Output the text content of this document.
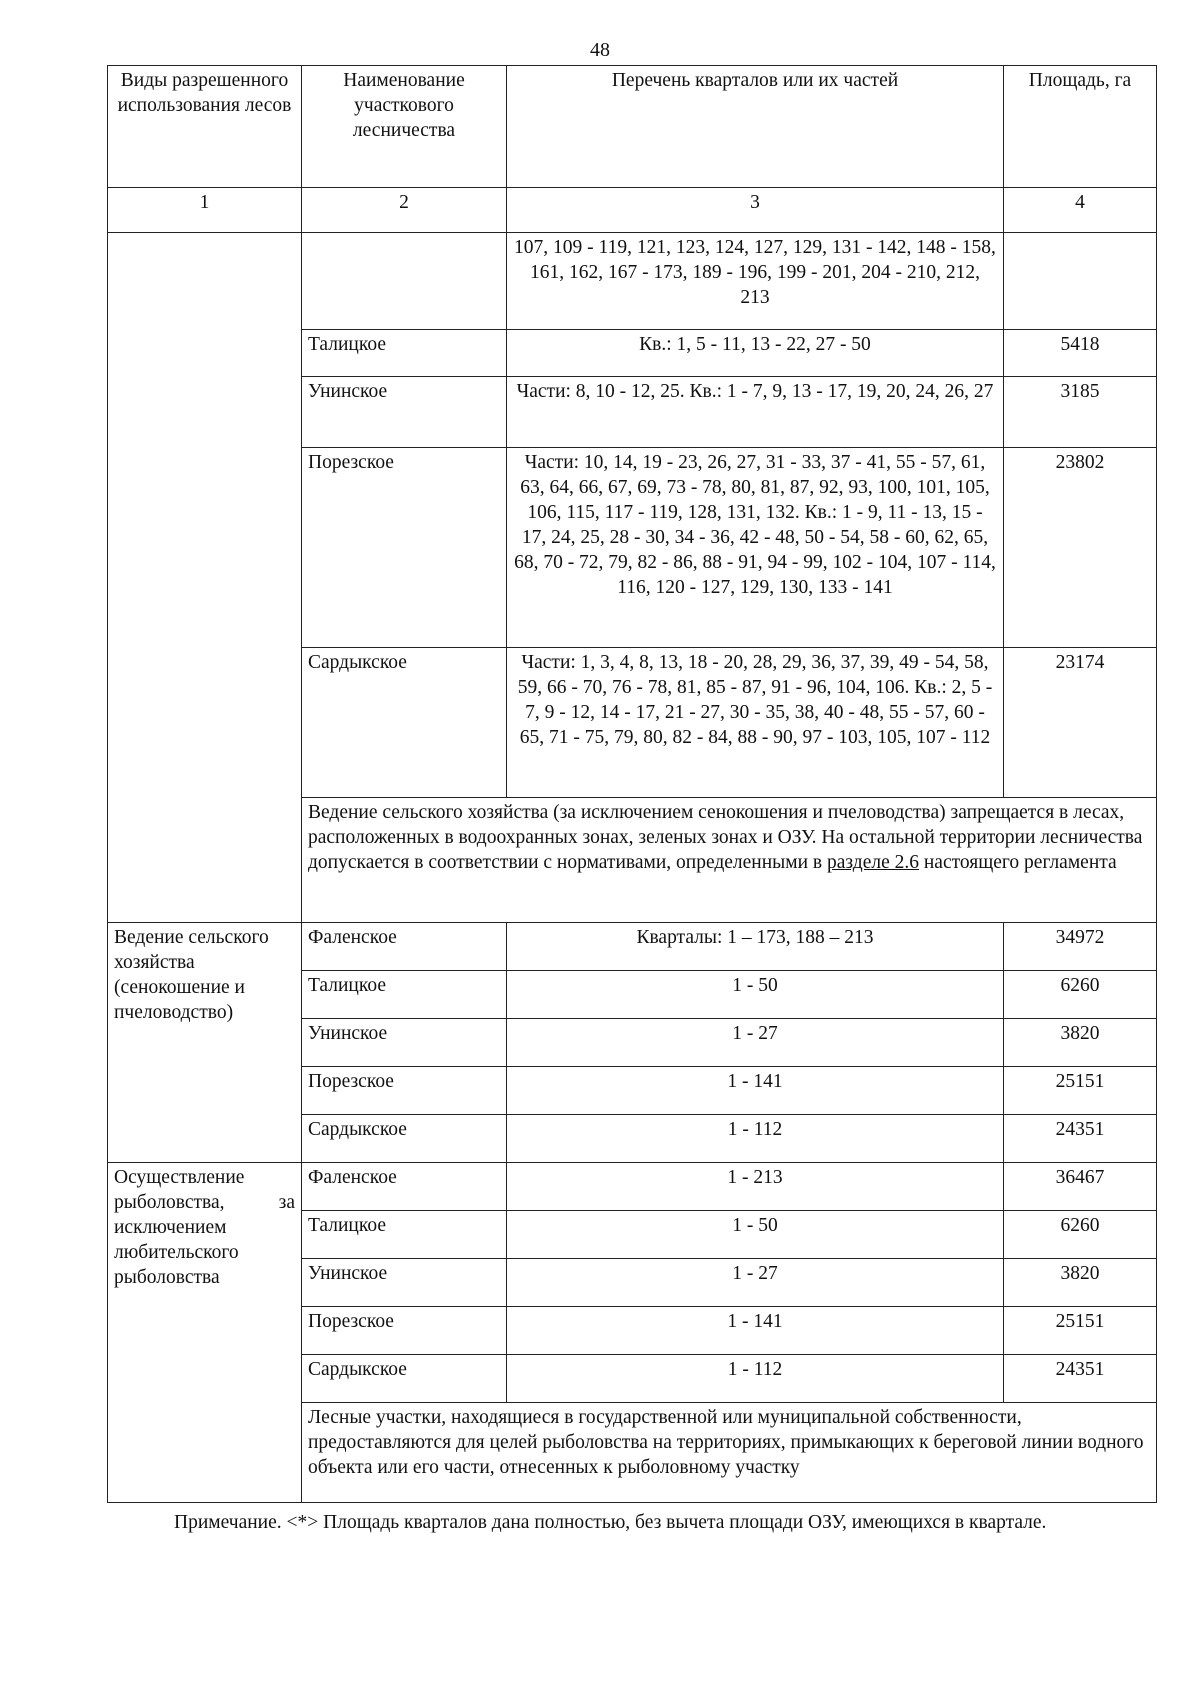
48
Виды разрешенного использования лесов	Наименование участкового лесничества	Перечень кварталов или их частей	Площадь, га
1	2	3	4
		107, 109 - 119, 121, 123, 124, 127, 129, 131 - 142, 148 - 158, 161, 162, 167 - 173, 189 - 196, 199 - 201, 204 - 210, 212, 213	
	Талицкое	Кв.: 1, 5 - 11, 13 - 22, 27 - 50	5418
	Унинское	Части: 8, 10 - 12, 25. Кв.: 1 - 7, 9, 13 - 17, 19, 20, 24, 26, 27	3185
	Порезское	Части: 10, 14, 19 - 23, 26, 27, 31 - 33, 37 - 41, 55 - 57, 61, 63, 64, 66, 67, 69, 73 - 78, 80, 81, 87, 92, 93, 100, 101, 105, 106, 115, 117 - 119, 128, 131, 132. Кв.: 1 - 9, 11 - 13, 15 - 17, 24, 25, 28 - 30, 34 - 36, 42 - 48, 50 - 54, 58 - 60, 62, 65, 68, 70 - 72, 79, 82 - 86, 88 - 91, 94 - 99, 102 - 104, 107 - 114, 116, 120 - 127, 129, 130, 133 - 141	23802
	Сардыкское	Части: 1, 3, 4, 8, 13, 18 - 20, 28, 29, 36, 37, 39, 49 - 54, 58, 59, 66 - 70, 76 - 78, 81, 85 - 87, 91 - 96, 104, 106. Кв.: 2, 5 - 7, 9 - 12, 14 - 17, 21 - 27, 30 - 35, 38, 40 - 48, 55 - 57, 60 - 65, 71 - 75, 79, 80, 82 - 84, 88 - 90, 97 - 103, 105, 107 - 112	23174
	Ведение сельского хозяйства (за исключением сенокошения и пчеловодства) запрещается в лесах, расположенных в водоохранных зонах, зеленых зонах и ОЗУ. На остальной территории лесничества допускается в соответствии с нормативами, определенными в разделе 2.6 настоящего регламента		

Ведение сельского хозяйства (сенокошение и пчеловодство)	Фаленское	Кварталы: 1 – 173, 188 – 213	34972
	Талицкое	1 - 50	6260
	Унинское	1 - 27	3820
	Порезское	1 - 141	25151
	Сардыкское	1 - 112	24351

Осуществление рыболовства, за исключением любительского рыболовства	Фаленское	1 - 213	36467
	Талицкое	1 - 50	6260
	Унинское	1 - 27	3820
	Порезское	1 - 141	25151
	Сардыкское	1 - 112	24351
	Лесные участки, находящиеся в государственной или муниципальной собственности, предоставляются для целей рыболовства на территориях, примыкающих к береговой линии водного объекта или его части, отнесенных к рыболовному участку		
Примечание. <*> Площадь кварталов дана полностью, без вычета площади ОЗУ, имеющихся в квартале.
